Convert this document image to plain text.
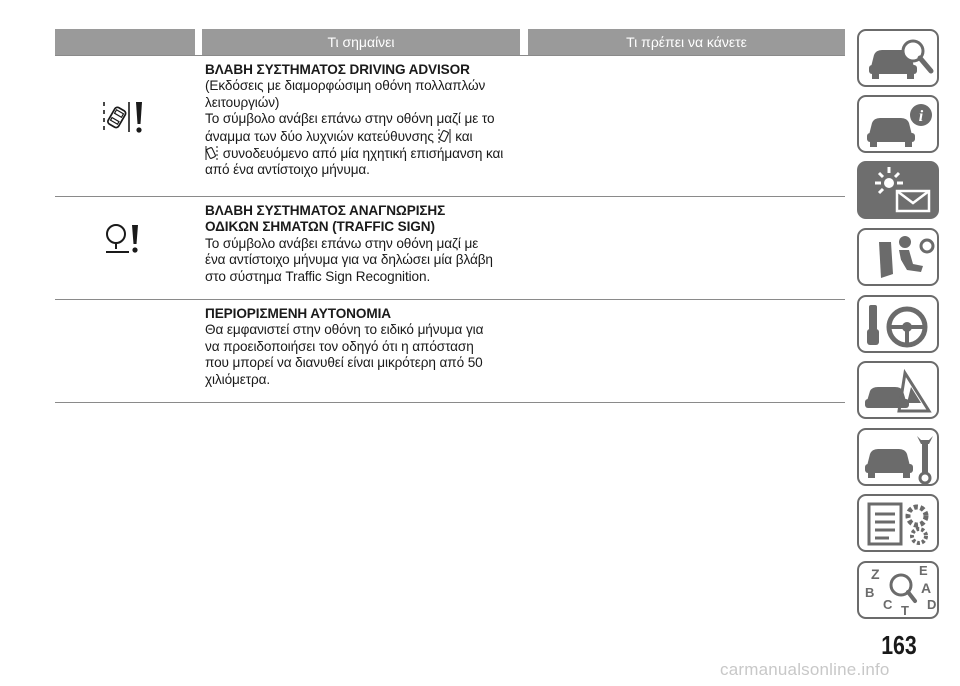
Τι σημαίνει	Τι πρέπει να κάνετε
ΒΛΑΒΗ ΣΥΣΤΗΜΑΤΟΣ DRIVING ADVISOR
(Εκδόσεις με διαμορφώσιμη οθόνη πολλαπλών
λειτουργιών)
Το σύμβολο ανάβει επάνω στην οθόνη μαζί με το
άναμμα των δύο λυχνιών κατεύθυνσης και
συνοδευόμενο από μία ηχητική επισήμανση και
από ένα αντίστοιχο μήνυμα.
ΒΛΑΒΗ ΣΥΣΤΗΜΑΤΟΣ ΑΝΑΓΝΩΡΙΣΗΣ
ΟΔΙΚΩΝ ΣΗΜΑΤΩΝ (TRAFFIC SIGN)
Το σύμβολο ανάβει επάνω στην οθόνη μαζί με
ένα αντίστοιχο μήνυμα για να δηλώσει μία βλάβη
στο σύστημα Traffic Sign Recognition.
ΠΕΡΙΟΡΙΣΜΕΝΗ ΑΥΤΟΝΟΜΙΑ
Θα εμφανιστεί στην οθόνη το ειδικό μήνυμα για
να προειδοποιήσει τον οδηγό ότι η απόσταση
που μπορεί να διανυθεί είναι μικρότερη από 50
χιλιόμετρα.
i
Z	E
B	A
C T D
163
carmanualsonline.info
